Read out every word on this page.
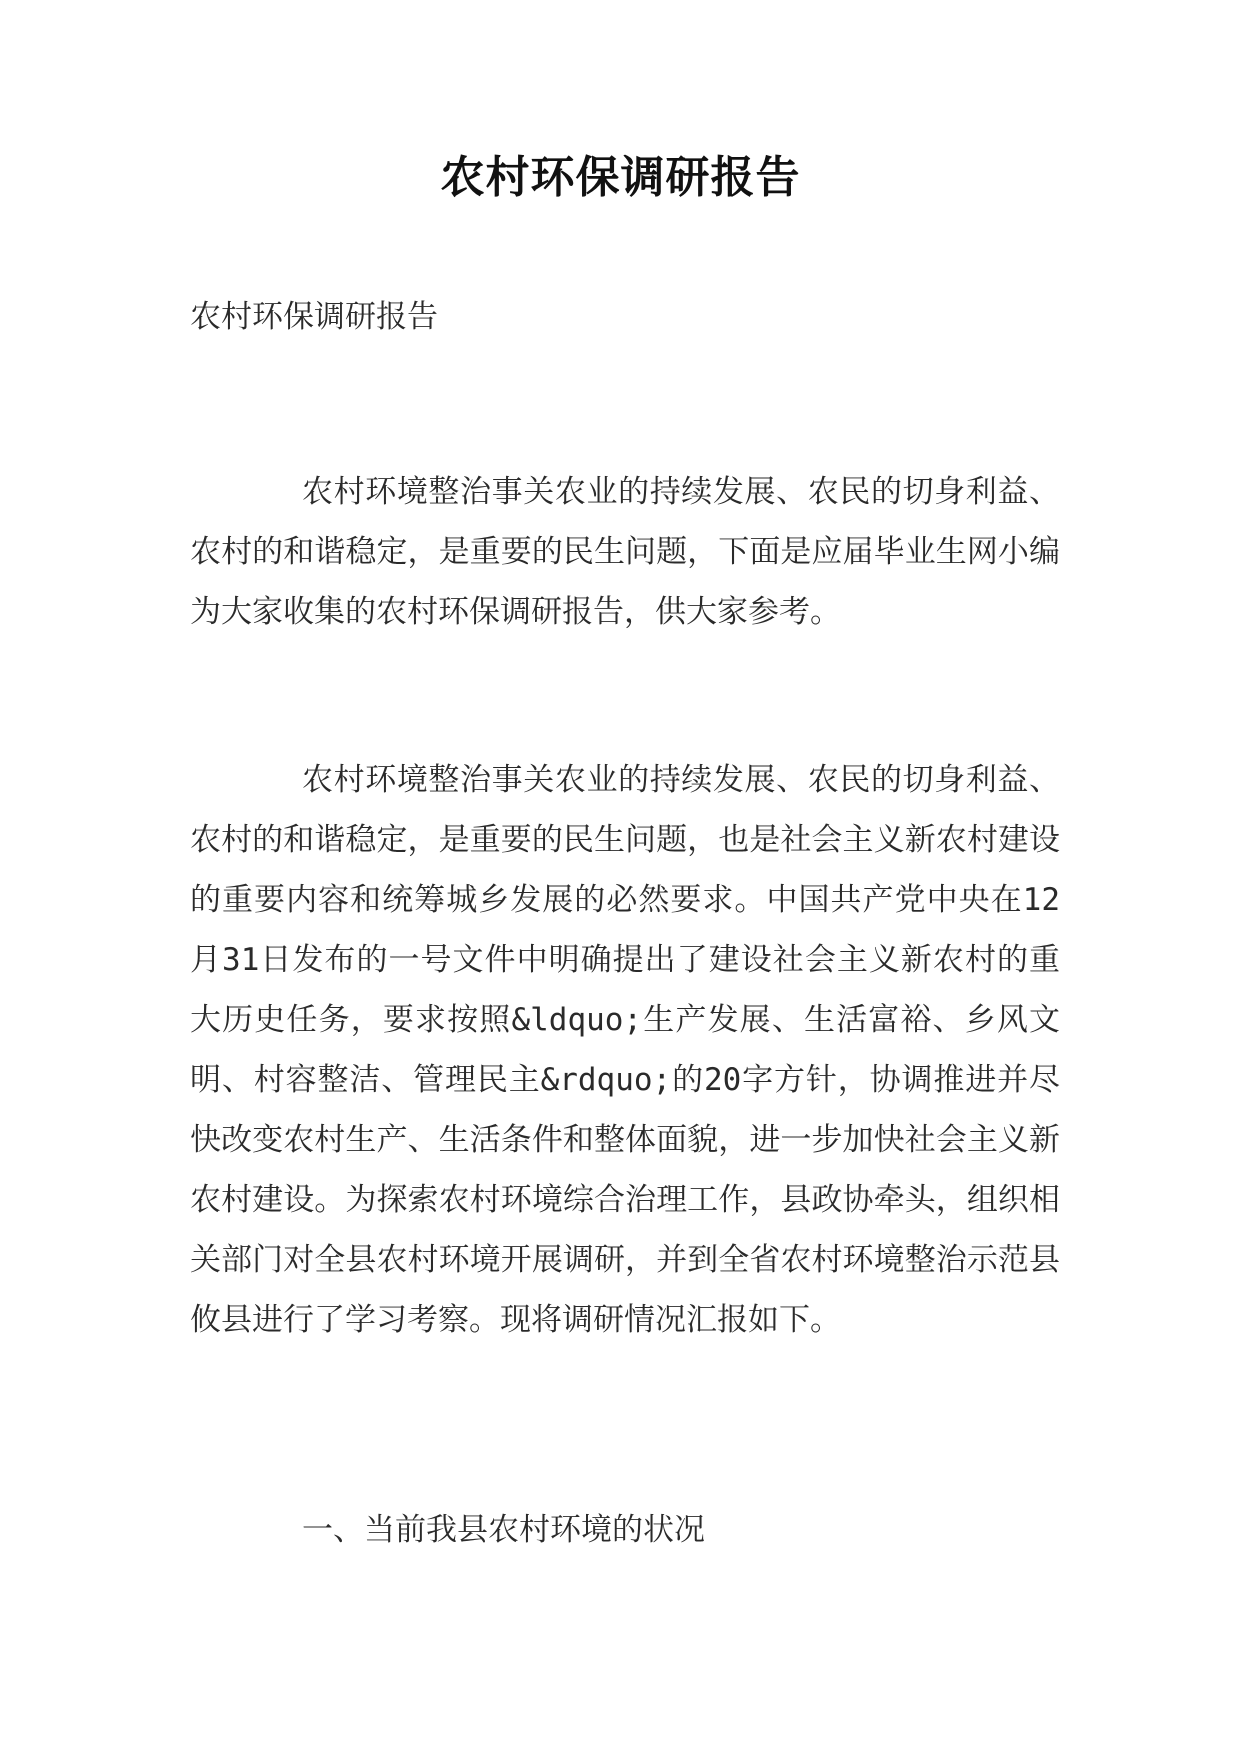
农村环保调研报告
农村环保调研报告
农村环境整治事关农业的持续发展、农民的切身利益、农村的和谐稳定，是重要的民生问题，下面是应届毕业生网小编为大家收集的农村环保调研报告，供大家参考。
农村环境整治事关农业的持续发展、农民的切身利益、农村的和谐稳定，是重要的民生问题，也是社会主义新农村建设的重要内容和统筹城乡发展的必然要求。中国共产党中央在12月31日发布的一号文件中明确提出了建设社会主义新农村的重大历史任务，要求按照&ldquo;生产发展、生活富裕、乡风文明、村容整洁、管理民主&rdquo;的20字方针，协调推进并尽快改变农村生产、生活条件和整体面貌，进一步加快社会主义新农村建设。为探索农村环境综合治理工作，县政协牵头，组织相关部门对全县农村环境开展调研，并到全省农村环境整治示范县攸县进行了学习考察。现将调研情况汇报如下。
一、当前我县农村环境的状况
